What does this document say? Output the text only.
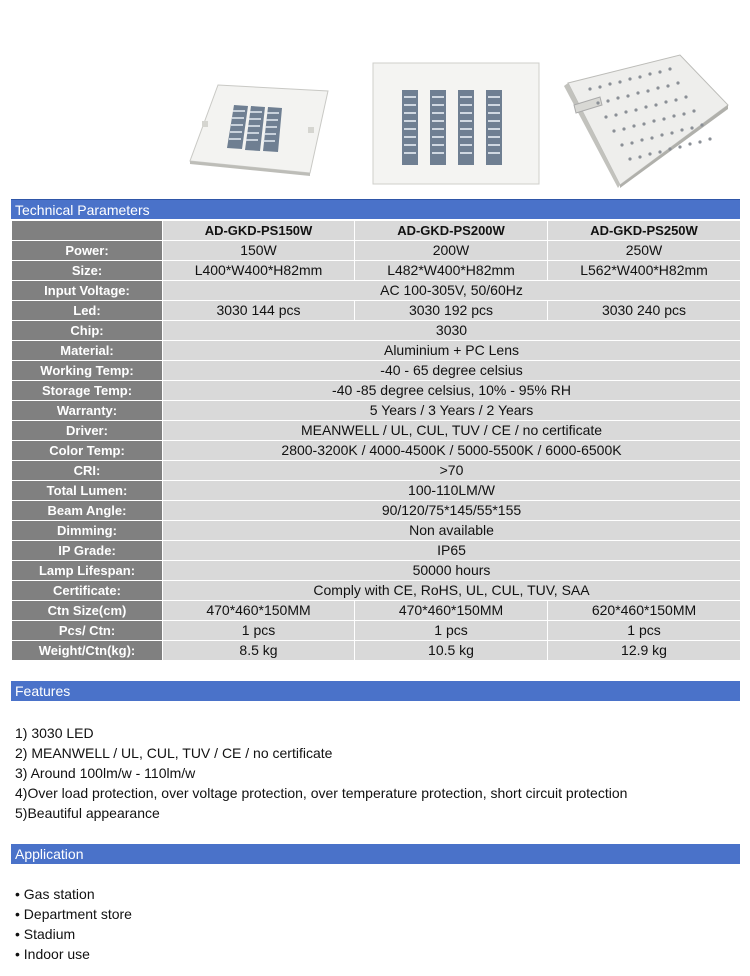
Technical Parameters
	AD-GKD-PS150W	AD-GKD-PS200W	AD-GKD-PS250W
Power:	150W	200W	250W
Size:	L400*W400*H82mm	L482*W400*H82mm	L562*W400*H82mm
Input Voltage:	AC 100-305V, 50/60Hz		
Led:	3030 144 pcs	3030 192 pcs	3030 240 pcs
Chip:	3030		
Material:	Aluminium + PC Lens		
Working Temp:	-40 - 65 degree celsius		
Storage Temp:	-40 -85 degree celsius, 10% - 95% RH		
Warranty:	5 Years / 3 Years / 2 Years		
Driver:	MEANWELL / UL, CUL, TUV / CE / no certificate		
Color Temp:	2800-3200K / 4000-4500K / 5000-5500K / 6000-6500K		
CRI:	>70		
Total Lumen:	100-110LM/W		
Beam Angle:	90/120/75*145/55*155		
Dimming:	Non available		
IP Grade:	IP65		
Lamp Lifespan:	50000 hours		
Certificate:	Comply with CE, RoHS, UL, CUL, TUV, SAA		
Ctn Size(cm)	470*460*150MM	470*460*150MM	620*460*150MM
Pcs/ Ctn:	1 pcs	1 pcs	1 pcs
Weight/Ctn(kg):	8.5 kg	10.5 kg	12.9 kg
Features
1) 3030 LED
2) MEANWELL / UL, CUL, TUV / CE / no certificate
3) Around 100lm/w - 110lm/w
4)Over load protection, over voltage protection, over temperature protection, short circuit protection
5)Beautiful appearance
Application
• Gas station
• Department store
• Stadium
• Indoor use
